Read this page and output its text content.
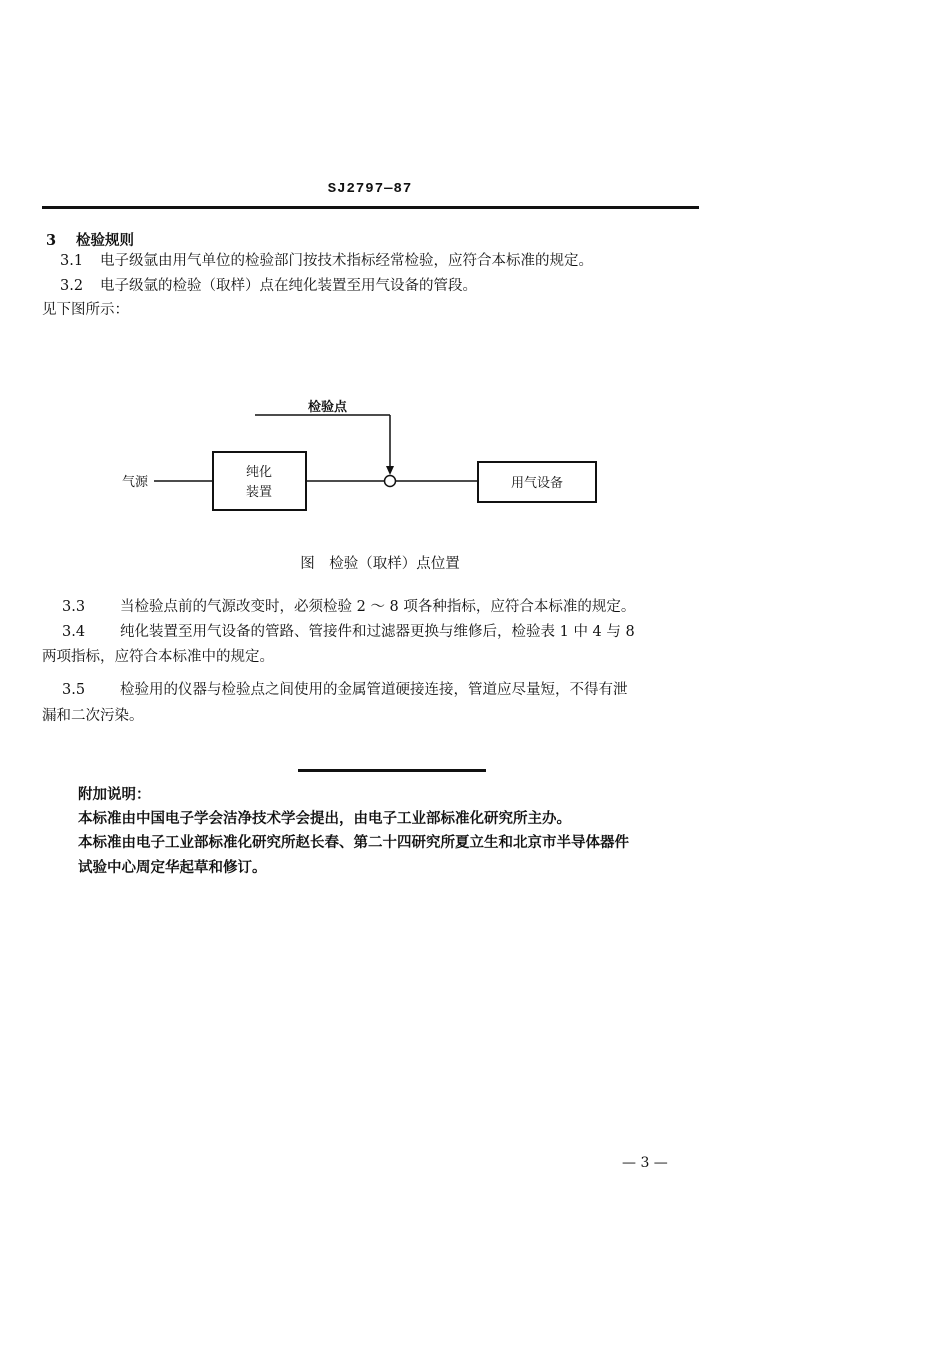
SJ2797—87
3 检验规则
3.1 电子级氩由用气单位的检验部门按技术指标经常检验，应符合本标准的规定。
3.2 电子级氩的检验（取样）点在纯化装置至用气设备的管段。
见下图所示：
气源
纯化
装置
用气设备
检验点
图　检验（取样）点位置
3.3 当检验点前的气源改变时，必须检验 2 ～ 8 项各种指标，应符合本标准的规定。
3.4 纯化装置至用气设备的管路、管接件和过滤器更换与维修后，检验表 1 中 4 与 8
两项指标，应符合本标准中的规定。
3.5 检验用的仪器与检验点之间使用的金属管道硬接连接，管道应尽量短，不得有泄
漏和二次污染。
附加说明：
本标准由中国电子学会洁净技术学会提出，由电子工业部标准化研究所主办。
本标准由电子工业部标准化研究所赵长春、第二十四研究所夏立生和北京市半导体器件
试验中心周定华起草和修订。
— 3 —
